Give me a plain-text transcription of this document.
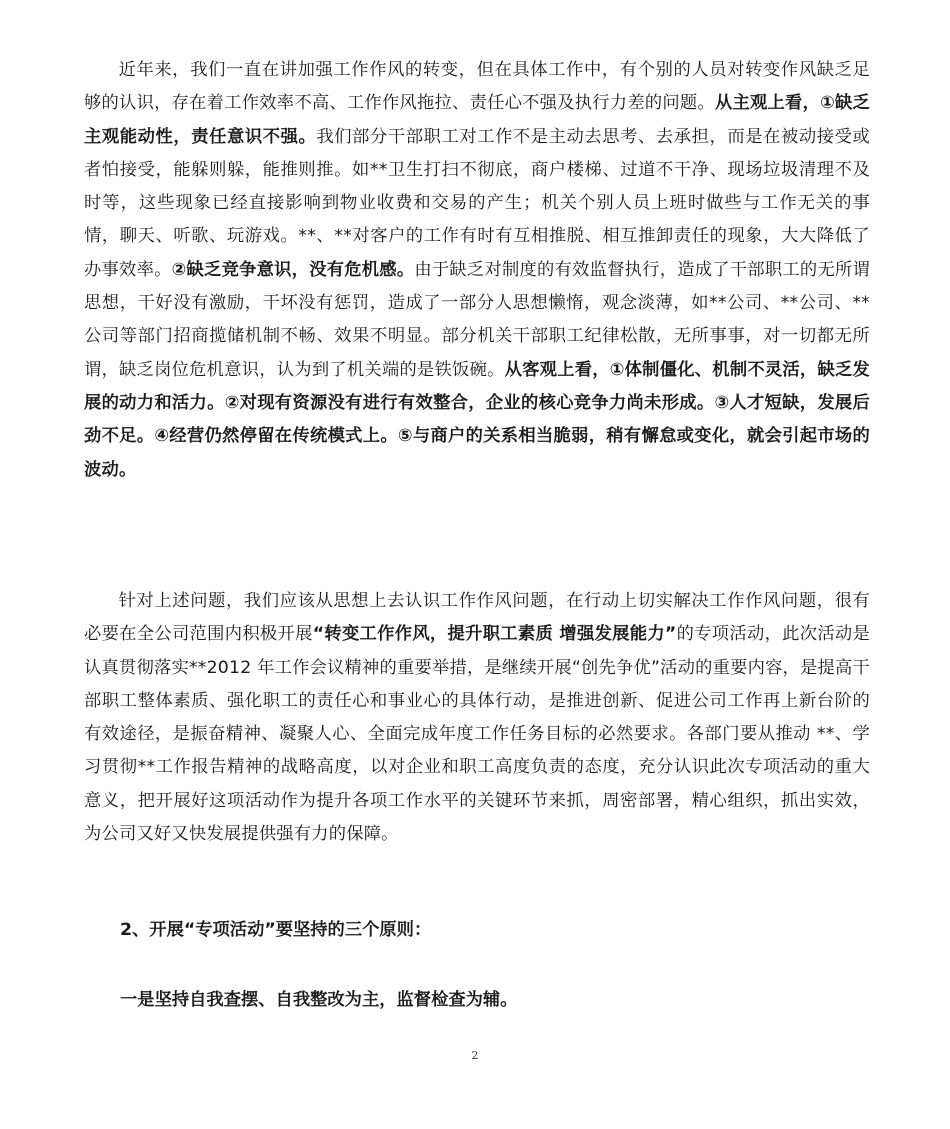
近年来，我们一直在讲加强工作作风的转变，但在具体工作中，有个别的人员对转变作风缺乏足够的认识，存在着工作效率不高、工作作风拖拉、责任心不强及执行力差的问题。从主观上看，①缺乏主观能动性，责任意识不强。我们部分干部职工对工作不是主动去思考、去承担，而是在被动接受或者怕接受，能躲则躲，能推则推。如**卫生打扫不彻底，商户楼梯、过道不干净、现场垃圾清理不及时等，这些现象已经直接影响到物业收费和交易的产生；机关个别人员上班时做些与工作无关的事情，聊天、听歌、玩游戏。**、**对客户的工作有时有互相推脱、相互推卸责任的现象，大大降低了办事效率。②缺乏竞争意识，没有危机感。由于缺乏对制度的有效监督执行，造成了干部职工的无所谓思想，干好没有激励，干坏没有惩罚，造成了一部分人思想懒惰，观念淡薄，如**公司、**公司、**公司等部门招商揽储机制不畅、效果不明显。部分机关干部职工纪律松散，无所事事，对一切都无所谓，缺乏岗位危机意识，认为到了机关端的是铁饭碗。从客观上看，①体制僵化、机制不灵活，缺乏发展的动力和活力。②对现有资源没有进行有效整合，企业的核心竞争力尚未形成。③人才短缺，发展后劲不足。④经营仍然停留在传统模式上。⑤与商户的关系相当脆弱，稍有懈怠或变化，就会引起市场的波动。

针对上述问题，我们应该从思想上去认识工作作风问题，在行动上切实解决工作作风问题，很有必要在全公司范围内积极开展“转变工作作风，提升职工素质 增强发展能力”的专项活动，此次活动是认真贯彻落实**2012 年工作会议精神的重要举措，是继续开展“创先争优”活动的重要内容，是提高干部职工整体素质、强化职工的责任心和事业心的具体行动，是推进创新、促进公司工作再上新台阶的有效途径，是振奋精神、凝聚人心、全面完成年度工作任务目标的必然要求。各部门要从推动 **、学习贯彻**工作报告精神的战略高度，以对企业和职工高度负责的态度，充分认识此次专项活动的重大意义，把开展好这项活动作为提升各项工作水平的关键环节来抓，周密部署，精心组织，抓出实效，为公司又好又快发展提供强有力的保障。

2、开展“专项活动”要坚持的三个原则：

一是坚持自我查摆、自我整改为主，监督检查为辅。

2
